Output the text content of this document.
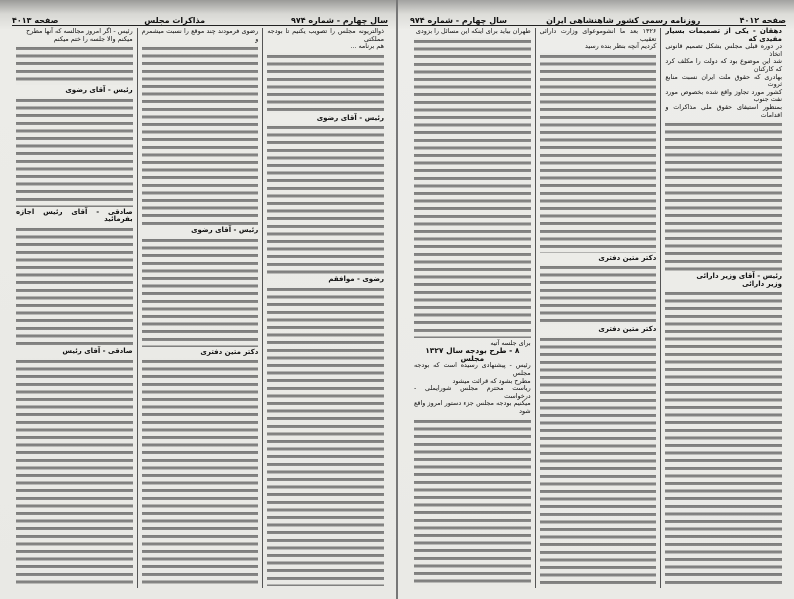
سال چهارم - شماره ۹۷۴
مذاکرات مجلس
صفحه ۴۰۱۳

ذوالتریونه مجلس را تصویب یکنیم تا بودجه مملکتی

هم برنامه ...

رئیس - آقای رضوی

رضوی - موافقم

رضوی فرمودند چند موقع را نسبت میشمرم و

رئیس - آقای رضوی

دکتر متین دفتری

رئیس - اگر امروز مجالسه که آنها مطرح

میکنم والا جلسه را ختم میکنم

رئیس - آقای رضوی

صادقی - آقای رئیس اجازه بفرمائید

صادقی - آقای رئیس

صفحه ۴۰۱۲
روزنامه رسمی کشور شاهنشاهی ایران
سال چهارم - شماره ۹۷۴

دهقان - یکی از تصمیمات بسیار مفیدی که

در دوره قبلی مجلس بشکل تصمیم قانونی اتخاذ

شد این موضوع بود که دولت را مکلف کرد که کارکنان

بهادری که حقوق ملت ایران نسبت منابع ثروت

کشور مورد تجاوز واقع شده بخصوص مورد نفت جنوب

بمنظور استیفای حقوق ملی مذاکرات و اقدامات

رئیس - آقای وزیر دارائی

وزیر دارائی

۱۳۲۶ بعد ما انشوموعوای وزارت دارائی تعقیب

کردیم آنچه بنظر بنده رسید

دکتر متین دفتری

دکتر متین دفتری

طهران بیاید برای اینکه این مسائل را بزودی

برای جلسه آتیه

۸ - طرح بودجه سال ۱۳۲۷ مجلس

رئیس - پیشنهادی رسیده است که بودجه مجلس

مطرح بشود که قرائت میشود

ریاست محترم مجلس شورایملی - درخواست

میکنیم بودجه مجلس جزء دستور امروز واقع شود
